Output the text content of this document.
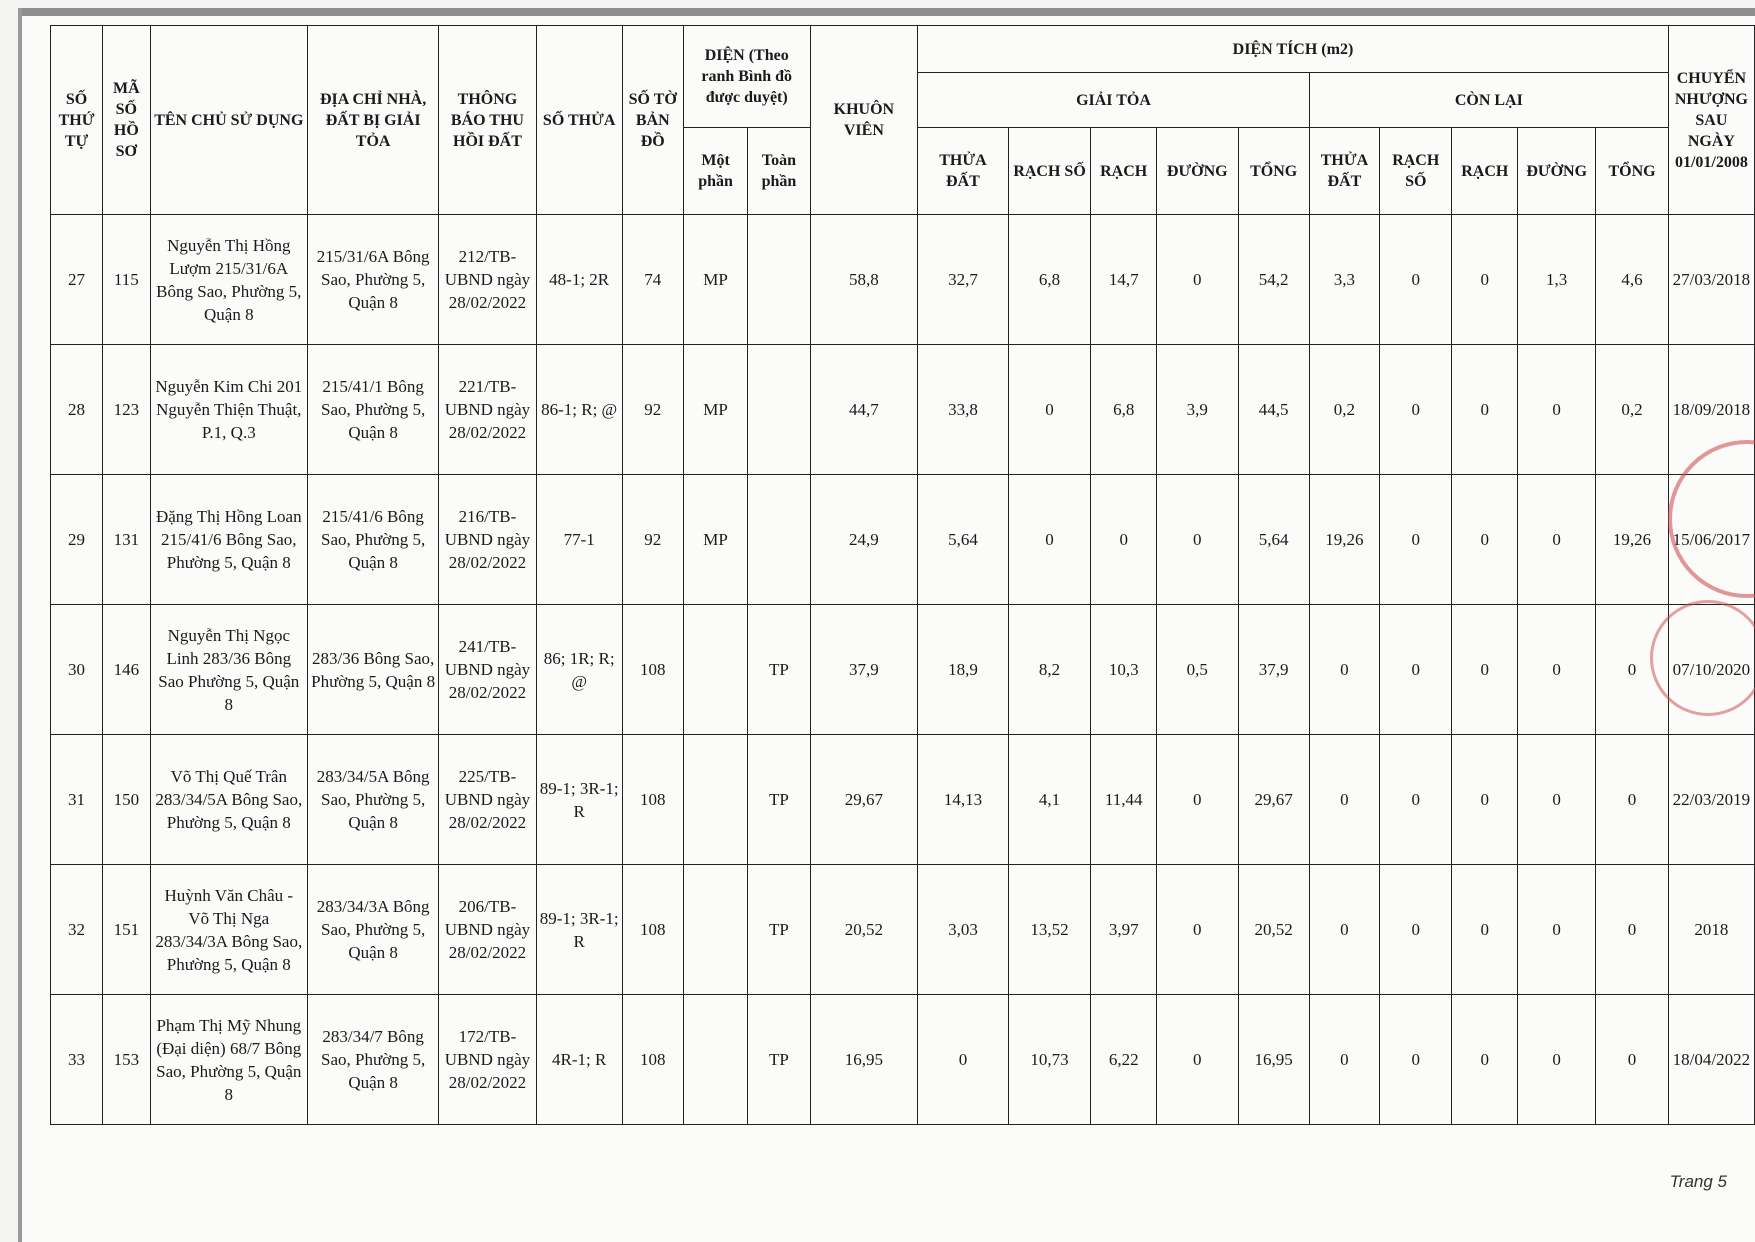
SỐ THỨ TỰ	MÃ SỐ HỒ SƠ	TÊN CHỦ SỬ DỤNG	ĐỊA CHỈ NHÀ, ĐẤT BỊ GIẢI TỎA	THÔNG BÁO THU HỒI ĐẤT	SỐ THỬA	SỐ TỜ BẢN ĐỒ	DIỆN (Theo ranh Bình đồ được duyệt)		KHUÔN VIÊN	DIỆN TÍCH (m2)										CHUYỂN NHƯỢNG SAU NGÀY 01/01/2008
										GIẢI TỎA					CÒN LẠI					
							Một phần	Toàn phần		THỬA ĐẤT	RẠCH SỐ	RẠCH	ĐƯỜNG	TỔNG	THỬA ĐẤT	RẠCH SỐ	RẠCH	ĐƯỜNG	TỔNG	
27	115	Nguyễn Thị Hồng Lượm 215/31/6A Bông Sao, Phường 5, Quận 8	215/31/6A Bông Sao, Phường 5, Quận 8	212/TB-UBND ngày 28/02/2022	48-1; 2R	74	MP		58,8	32,7	6,8	14,7	0	54,2	3,3	0	0	1,3	4,6	27/03/2018
28	123	Nguyễn Kim Chi 201 Nguyễn Thiện Thuật, P.1, Q.3	215/41/1 Bông Sao, Phường 5, Quận 8	221/TB-UBND ngày 28/02/2022	86-1; R; @	92	MP		44,7	33,8	0	6,8	3,9	44,5	0,2	0	0	0	0,2	18/09/2018
29	131	Đặng Thị Hồng Loan 215/41/6 Bông Sao, Phường 5, Quận 8	215/41/6 Bông Sao, Phường 5, Quận 8	216/TB-UBND ngày 28/02/2022	77-1	92	MP		24,9	5,64	0	0	0	5,64	19,26	0	0	0	19,26	15/06/2017
30	146	Nguyễn Thị Ngọc Linh 283/36 Bông Sao Phường 5, Quận 8	283/36 Bông Sao, Phường 5, Quận 8	241/TB-UBND ngày 28/02/2022	86; 1R; R; @	108		TP	37,9	18,9	8,2	10,3	0,5	37,9	0	0	0	0	0	07/10/2020
31	150	Võ Thị Quế Trân 283/34/5A Bông Sao, Phường 5, Quận 8	283/34/5A Bông Sao, Phường 5, Quận 8	225/TB-UBND ngày 28/02/2022	89-1; 3R-1; R	108		TP	29,67	14,13	4,1	11,44	0	29,67	0	0	0	0	0	22/03/2019
32	151	Huỳnh Văn Châu - Võ Thị Nga 283/34/3A Bông Sao, Phường 5, Quận 8	283/34/3A Bông Sao, Phường 5, Quận 8	206/TB-UBND ngày 28/02/2022	89-1; 3R-1; R	108		TP	20,52	3,03	13,52	3,97	0	20,52	0	0	0	0	0	2018
33	153	Phạm Thị Mỹ Nhung (Đại diện) 68/7 Bông Sao, Phường 5, Quận 8	283/34/7 Bông Sao, Phường 5, Quận 8	172/TB-UBND ngày 28/02/2022	4R-1; R	108		TP	16,95	0	10,73	6,22	0	16,95	0	0	0	0	0	18/04/2022
Trang 5
